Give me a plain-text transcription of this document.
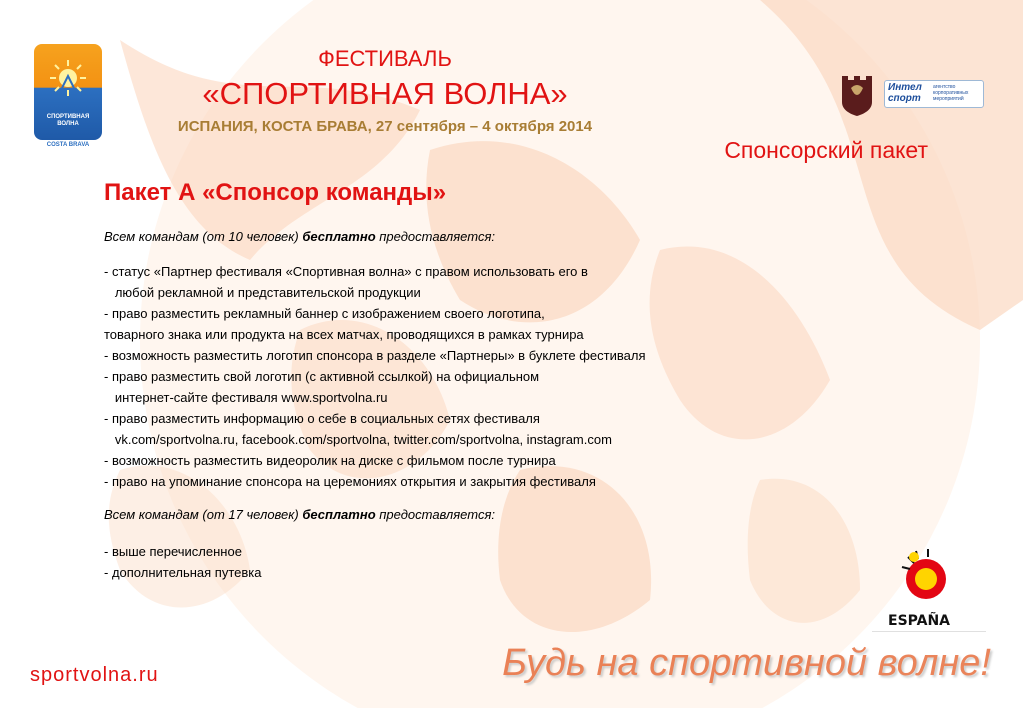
СПОРТИВНАЯ
ВОЛНА
COSTA BRAVA
ФЕСТИВАЛЬ
«СПОРТИВНАЯ ВОЛНА»
ИСПАНИЯ, КОСТА БРАВА, 27 сентября – 4 октября 2014
Интел
спорт
агентство корпоративных мероприятий
Спонсорский пакет
Пакет А «Спонсор команды»

Всем командам (от 10 человек) бесплатно предоставляется:

- статус «Партнер фестиваля «Спортивная волна» с правом использовать его в
любой рекламной и представительской продукции
- право разместить рекламный баннер с изображением своего логотипа,
товарного знака или продукта на всех матчах, проводящихся в рамках турнира
- возможность разместить логотип спонсора в разделе «Партнеры» в буклете фестиваля
- право разместить свой логотип (с активной ссылкой) на официальном
интернет-сайте фестиваля www.sportvolna.ru
- право разместить информацию о себе в социальных сетях фестиваля
vk.com/sportvolna.ru, facebook.com/sportvolna, twitter.com/sportvolna, instagram.com
- возможность разместить видеоролик на диске с фильмом после турнира
- право на упоминание спонсора на церемониях открытия и закрытия фестиваля

Всем командам (от 17 человек) бесплатно предоставляется:

- выше перечисленное
- дополнительная путевка
ESPAÑA
sportvolna.ru	Будь на спортивной волне!
